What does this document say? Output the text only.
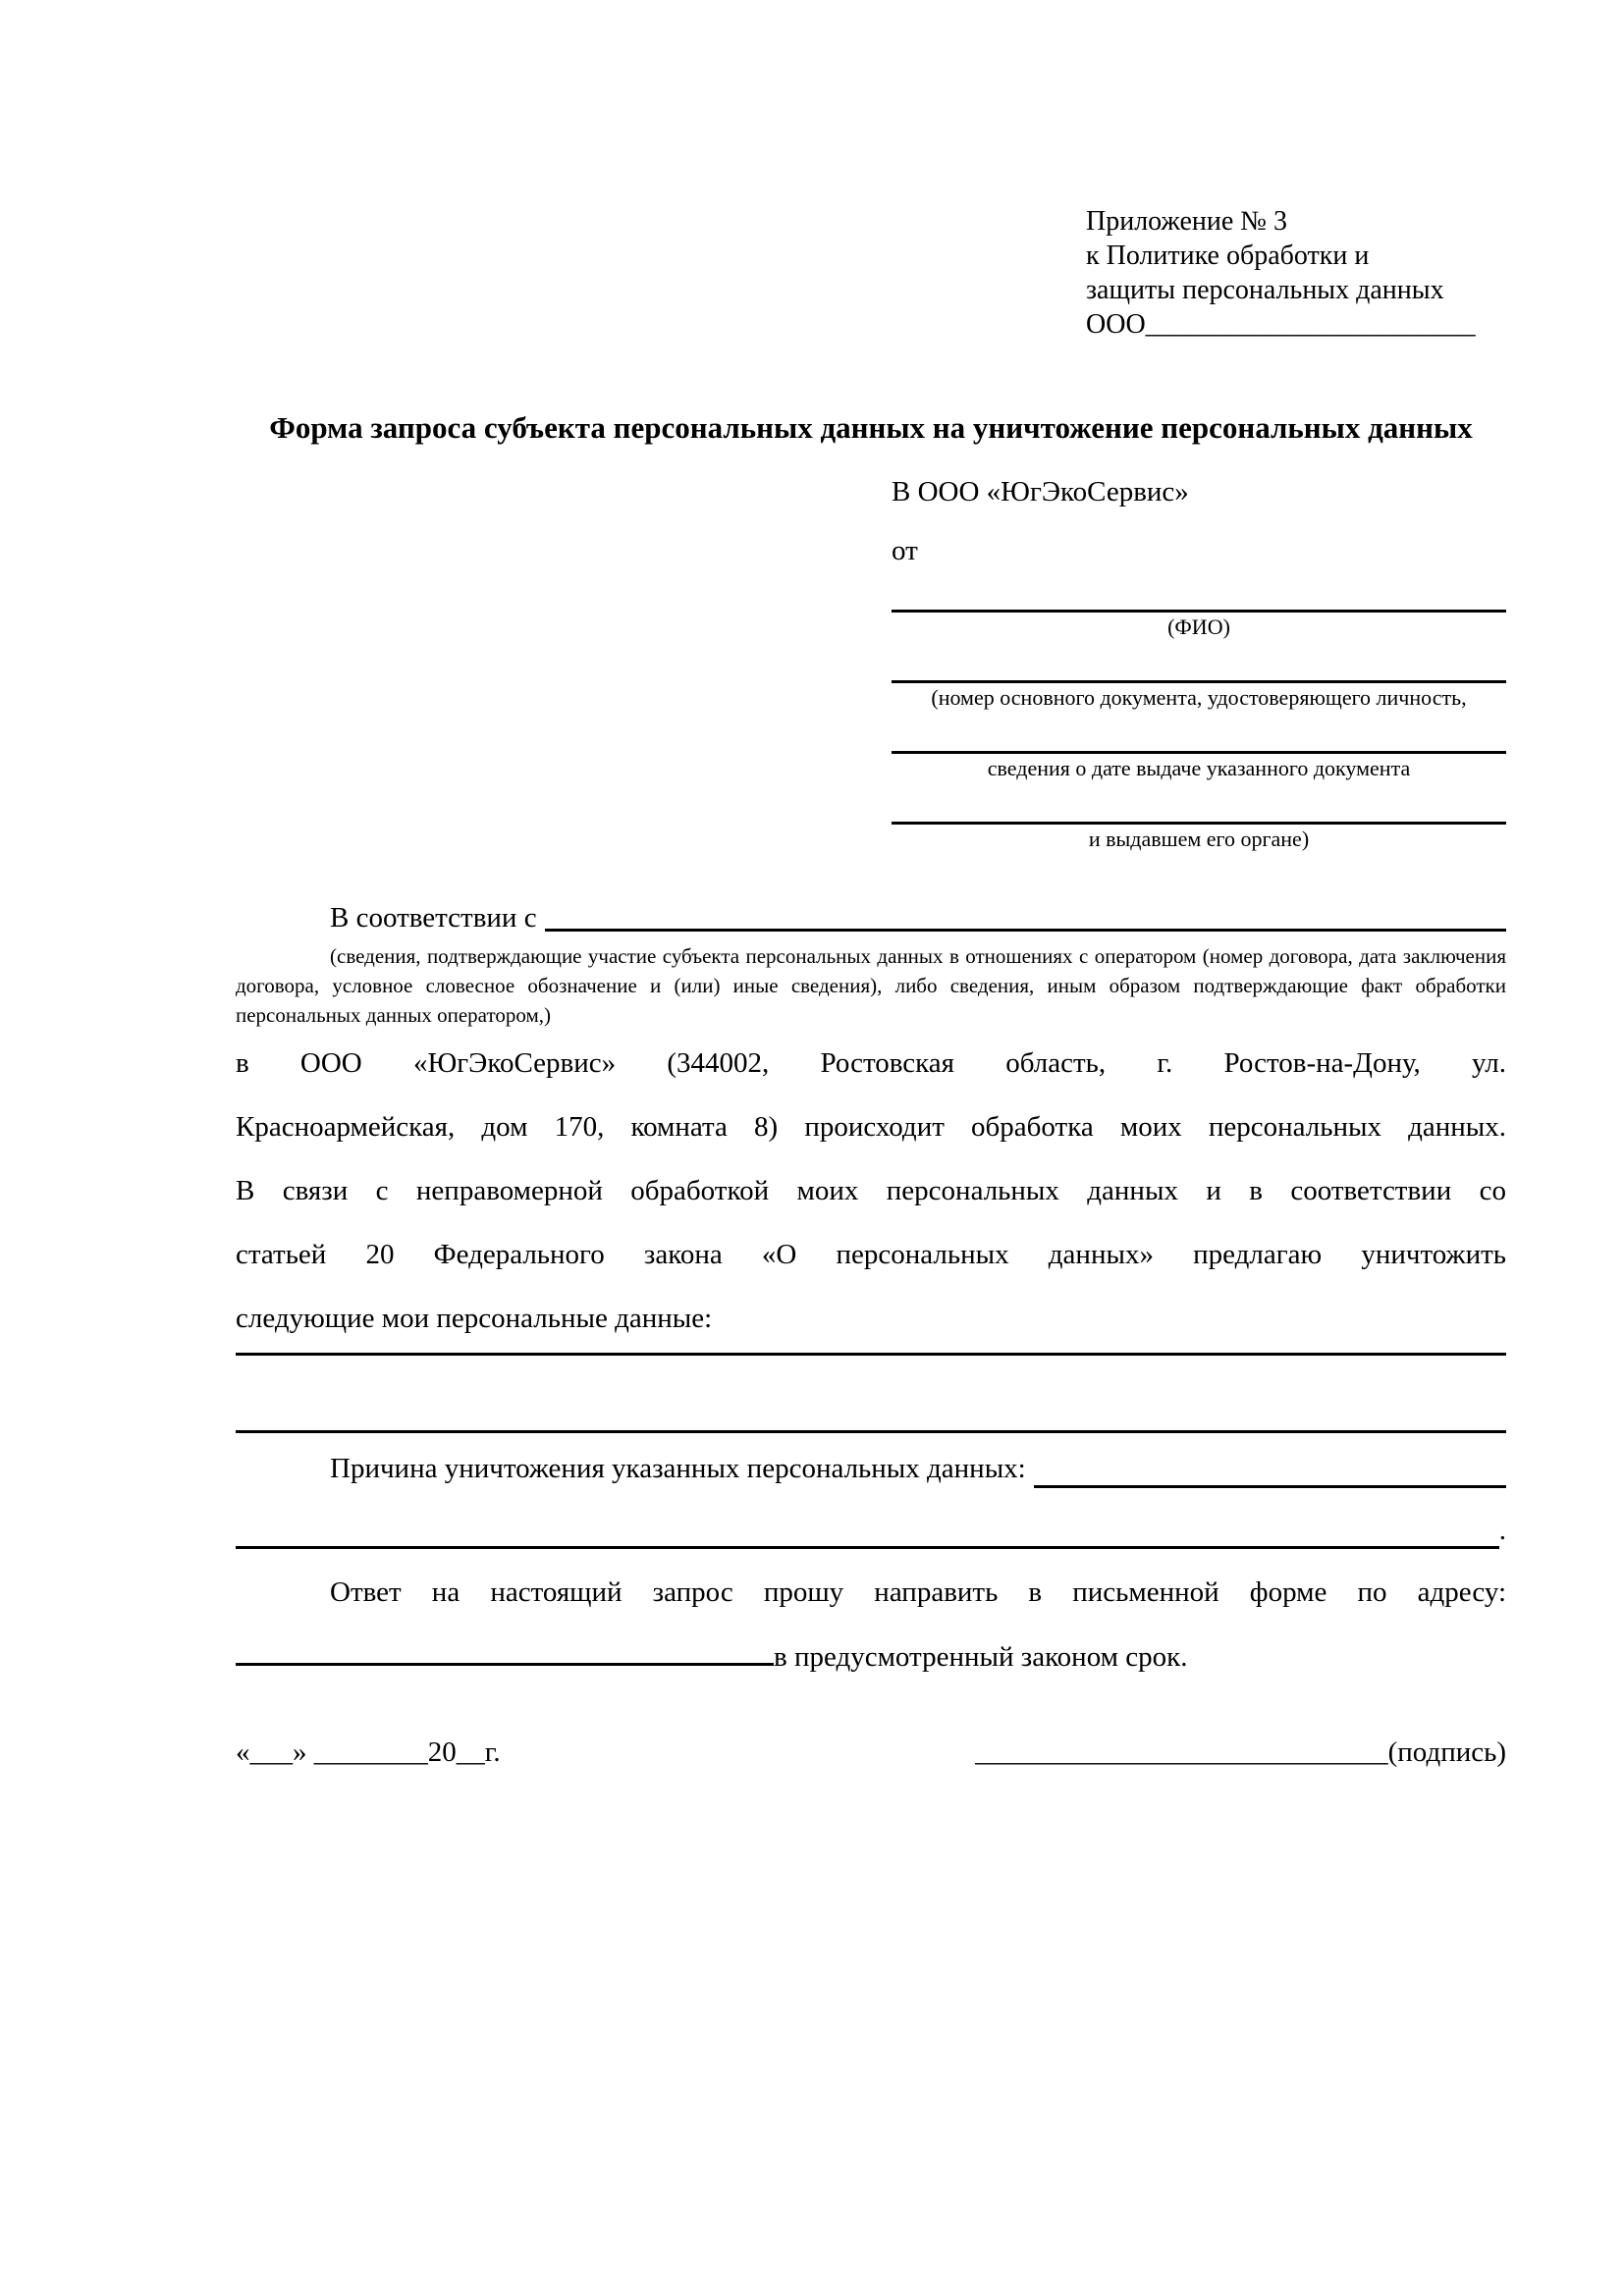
Приложение № 3
к Политике обработки и
защиты персональных данных
ООО________________________
Форма запроса субъекта персональных данных на уничтожение персональных данных
В ООО «ЮгЭкоСервис»
от
(ФИО)
(номер основного документа, удостоверяющего личность,
сведения о дате выдаче указанного документа
и выдавшем его органе)
В соответствии с
(сведения, подтверждающие участие субъекта персональных данных в отношениях с оператором (номер договора, дата заключения договора, условное словесное обозначение и (или) иные сведения), либо сведения, иным образом подтверждающие факт обработки персональных данных оператором,)
в ООО «ЮгЭкоСервис» (344002, Ростовская область, г. Ростов-на-Дону, ул.
Красноармейская, дом 170, комната 8) происходит обработка моих персональных данных.
В связи с неправомерной обработкой моих персональных данных и в соответствии со
статьей 20 Федерального закона «О персональных данных» предлагаю уничтожить
следующие мои персональные данные:
Причина уничтожения указанных персональных данных:
.
Ответ на настоящий запрос прошу направить в письменной форме по адресу:
в предусмотренный законом срок.
«___» ________20__г.	_____________________________(подпись)
